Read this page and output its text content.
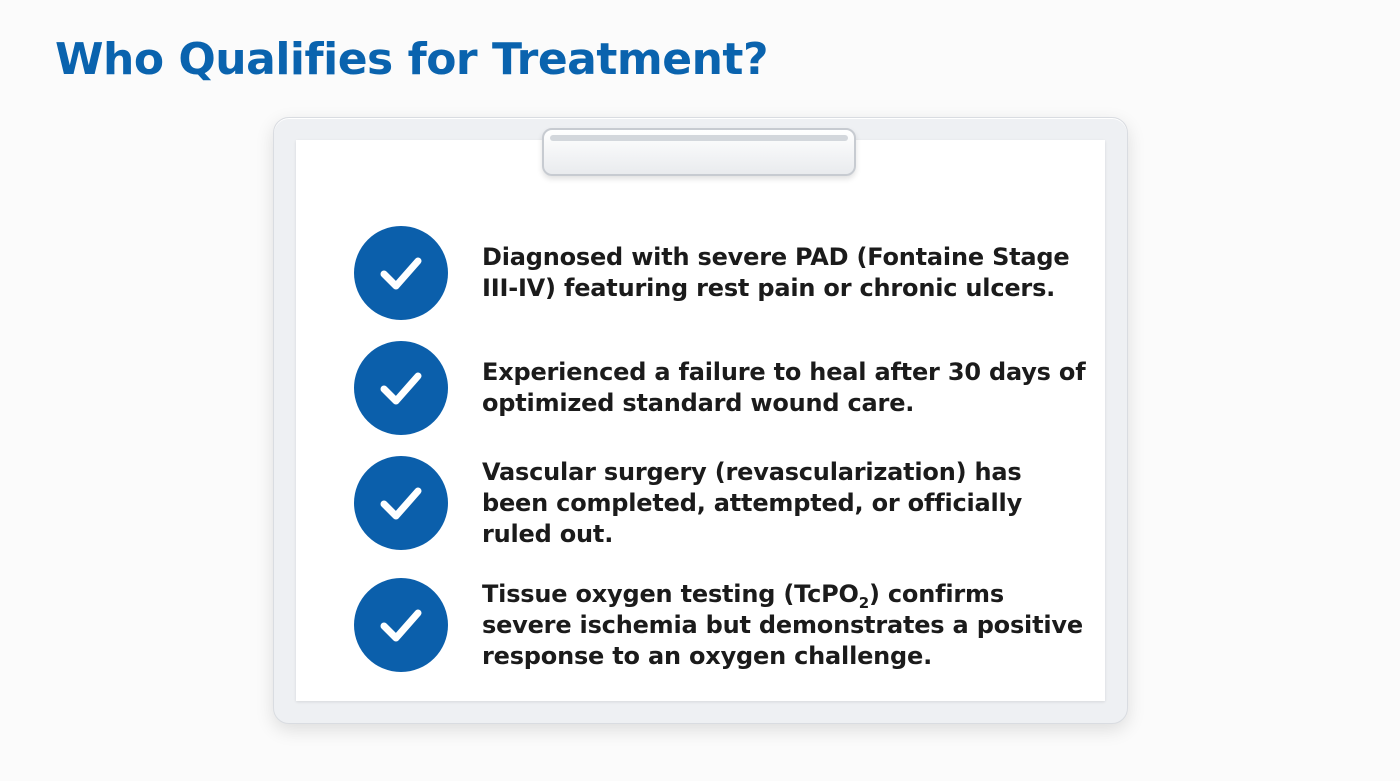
Who Qualifies for Treatment?
Diagnosed with severe PAD (Fontaine Stage III-IV) featuring rest pain or chronic ulcers.
Experienced a failure to heal after 30 days of optimized standard wound care.
Vascular surgery (revascularization) has been completed, attempted, or officially ruled out.
Tissue oxygen testing (TcPO$_2$) confirms severe ischemia but demonstrates a positive response to an oxygen challenge.
